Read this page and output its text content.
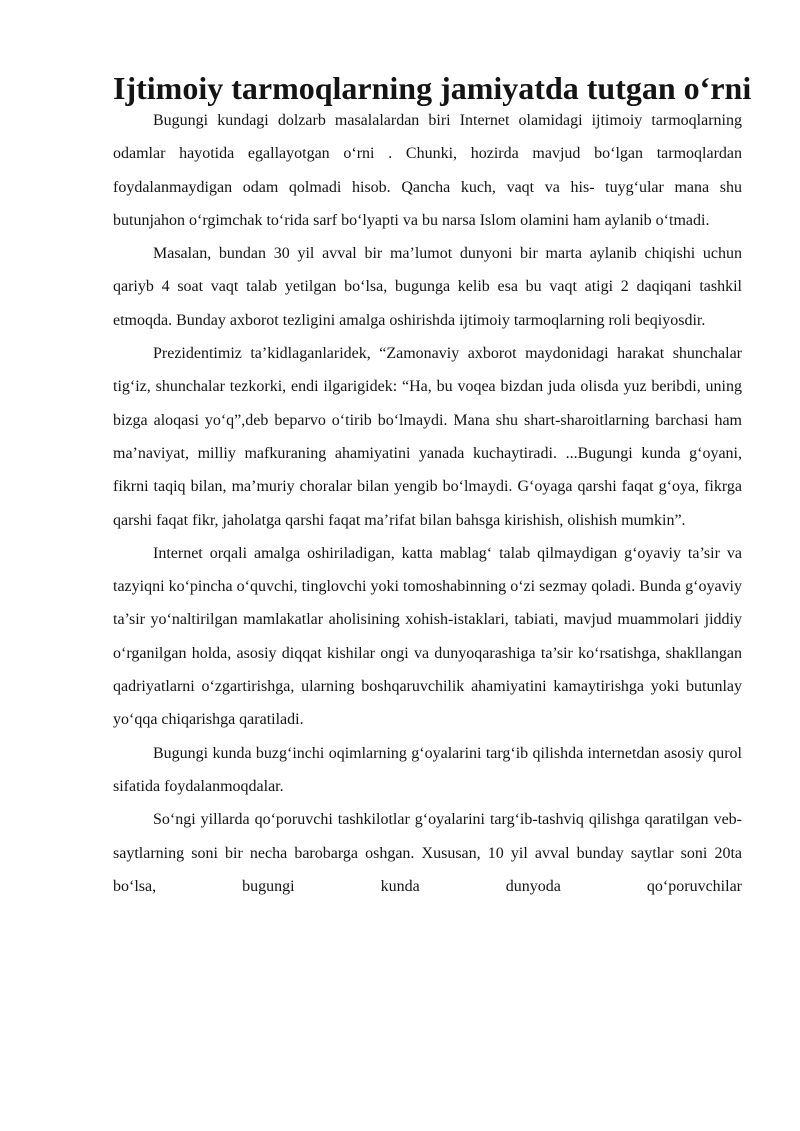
Ijtimoiy tarmoqlarning jamiyatda tutgan o‘rni

Bugungi kundagi dolzarb masalalardan biri Internet olamidagi ijtimoiy tarmoqlarning odamlar hayotida egallayotgan o‘rni . Chunki, hozirda mavjud bo‘lgan tarmoqlardan foydalanmaydigan odam qolmadi hisob. Qancha kuch, vaqt va his- tuyg‘ular mana shu butunjahon o‘rgimchak to‘rida sarf bo‘lyapti va bu narsa Islom olamini ham aylanib o‘tmadi.

Masalan, bundan 30 yil avval bir ma’lumot dunyoni bir marta aylanib chiqishi uchun qariyb 4 soat vaqt talab yetilgan bo‘lsa, bugunga kelib esa bu vaqt atigi 2 daqiqani tashkil etmoqda. Bunday axborot tezligini amalga oshirishda ijtimoiy tarmoqlarning roli beqiyosdir.

Prezidentimiz ta’kidlaganlaridek, “Zamonaviy axborot maydonidagi harakat shunchalar tig‘iz, shunchalar tezkorki, endi ilgarigidek: “Ha, bu voqea bizdan juda olisda yuz beribdi, uning bizga aloqasi yo‘q”,deb beparvo o‘tirib bo‘lmaydi. Mana shu shart-sharoitlarning barchasi ham ma’naviyat, milliy mafkuraning ahamiyatini yanada kuchaytiradi. ...Bugungi kunda g‘oyani, fikrni taqiq bilan, ma’muriy choralar bilan yengib bo‘lmaydi. G‘oyaga qarshi faqat g‘oya, fikrga qarshi faqat fikr, jaholatga qarshi faqat ma’rifat bilan bahsga kirishish, olishish mumkin”.

Internet orqali amalga oshiriladigan, katta mablag‘ talab qilmaydigan g‘oyaviy ta’sir va tazyiqni ko‘pincha o‘quvchi, tinglovchi yoki tomoshabinning o‘zi sezmay qoladi. Bunda g‘oyaviy ta’sir yo‘naltirilgan mamlakatlar aholisining xohish-istaklari, tabiati, mavjud muammolari jiddiy o‘rganilgan holda, asosiy diqqat kishilar ongi va dunyoqarashiga ta’sir ko‘rsatishga, shakllangan qadriyatlarni o‘zgartirishga, ularning boshqaruvchilik ahamiyatini kamaytirishga yoki butunlay yo‘qqa chiqarishga qaratiladi.

Bugungi kunda buzg‘inchi oqimlarning g‘oyalarini targ‘ib qilishda internetdan asosiy qurol sifatida foydalanmoqdalar.

So‘ngi yillarda qo‘poruvchi tashkilotlar g‘oyalarini targ‘ib-tashviq qilishga qaratilgan veb-saytlarning soni bir necha barobarga oshgan. Xususan, 10 yil avval bunday saytlar soni 20ta bo‘lsa, bugungi kunda dunyoda qo‘poruvchilar
